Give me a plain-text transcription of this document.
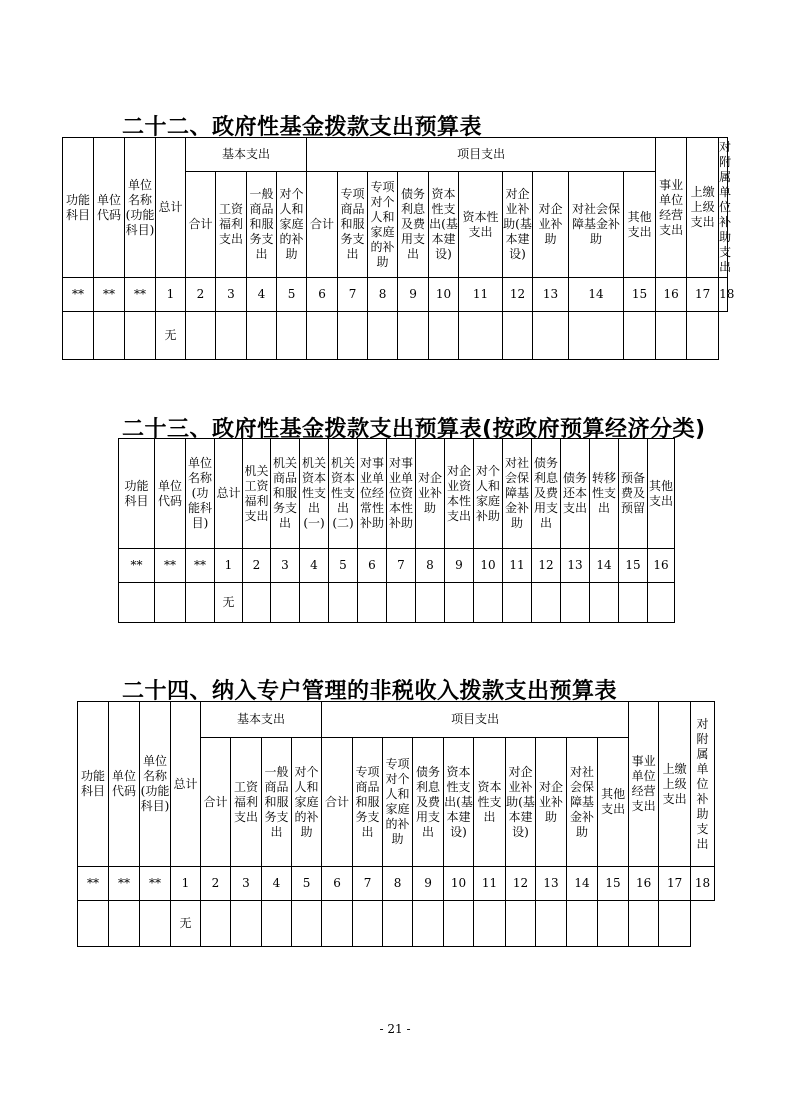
二十二、政府性基金拨款支出预算表
功能科目	单位代码	单位名称(功能科目)	总计	基本支出				项目支出										事业单位经营支出	上缴上级支出	对附属单位补助支出
				合计	工资福利支出	一般商品和服务支出	对个人和家庭的补助	合计	专项商品和服务支出	专项对个人和家庭的补助	债务利息及费用支出	资本性支出(基本建设)	资本性支出	对企业补助(基本建设)	对企业补助	对社会保障基金补助	其他支出			
**	**	**	1	2	3	4	5	6	7	8	9	10	11	12	13	14	15	16	17	18
			无																	
二十三、政府性基金拨款支出预算表(按政府预算经济分类)
功能科目	单位代码	单位名称(功能科目)	总计	机关工资福利支出	机关商品和服务支出	机关资本性支出(一)	机关资本性支出(二)	对事业单位经常性补助	对事业单位资本性补助	对企业补助	对企业资本性支出	对个人和家庭补助	对社会保障基金补助	债务利息及费用支出	债务还本支出	转移性支出	预备费及预留	其他支出
**	**	**	1	2	3	4	5	6	7	8	9	10	11	12	13	14	15	16
			无															
二十四、纳入专户管理的非税收入拨款支出预算表
功能科目	单位代码	单位名称(功能科目)	总计	基本支出				项目支出										事业单位经营支出	上缴上级支出	对附属单位补助支出
				合计	工资福利支出	一般商品和服务支出	对个人和家庭的补助	合计	专项商品和服务支出	专项对个人和家庭的补助	债务利息及费用支出	资本性支出(基本建设)	资本性支出	对企业补助(基本建设)	对企业补助	对社会保障基金补助	其他支出			
**	**	**	1	2	3	4	5	6	7	8	9	10	11	12	13	14	15	16	17	18
			无																	
- 21 -
